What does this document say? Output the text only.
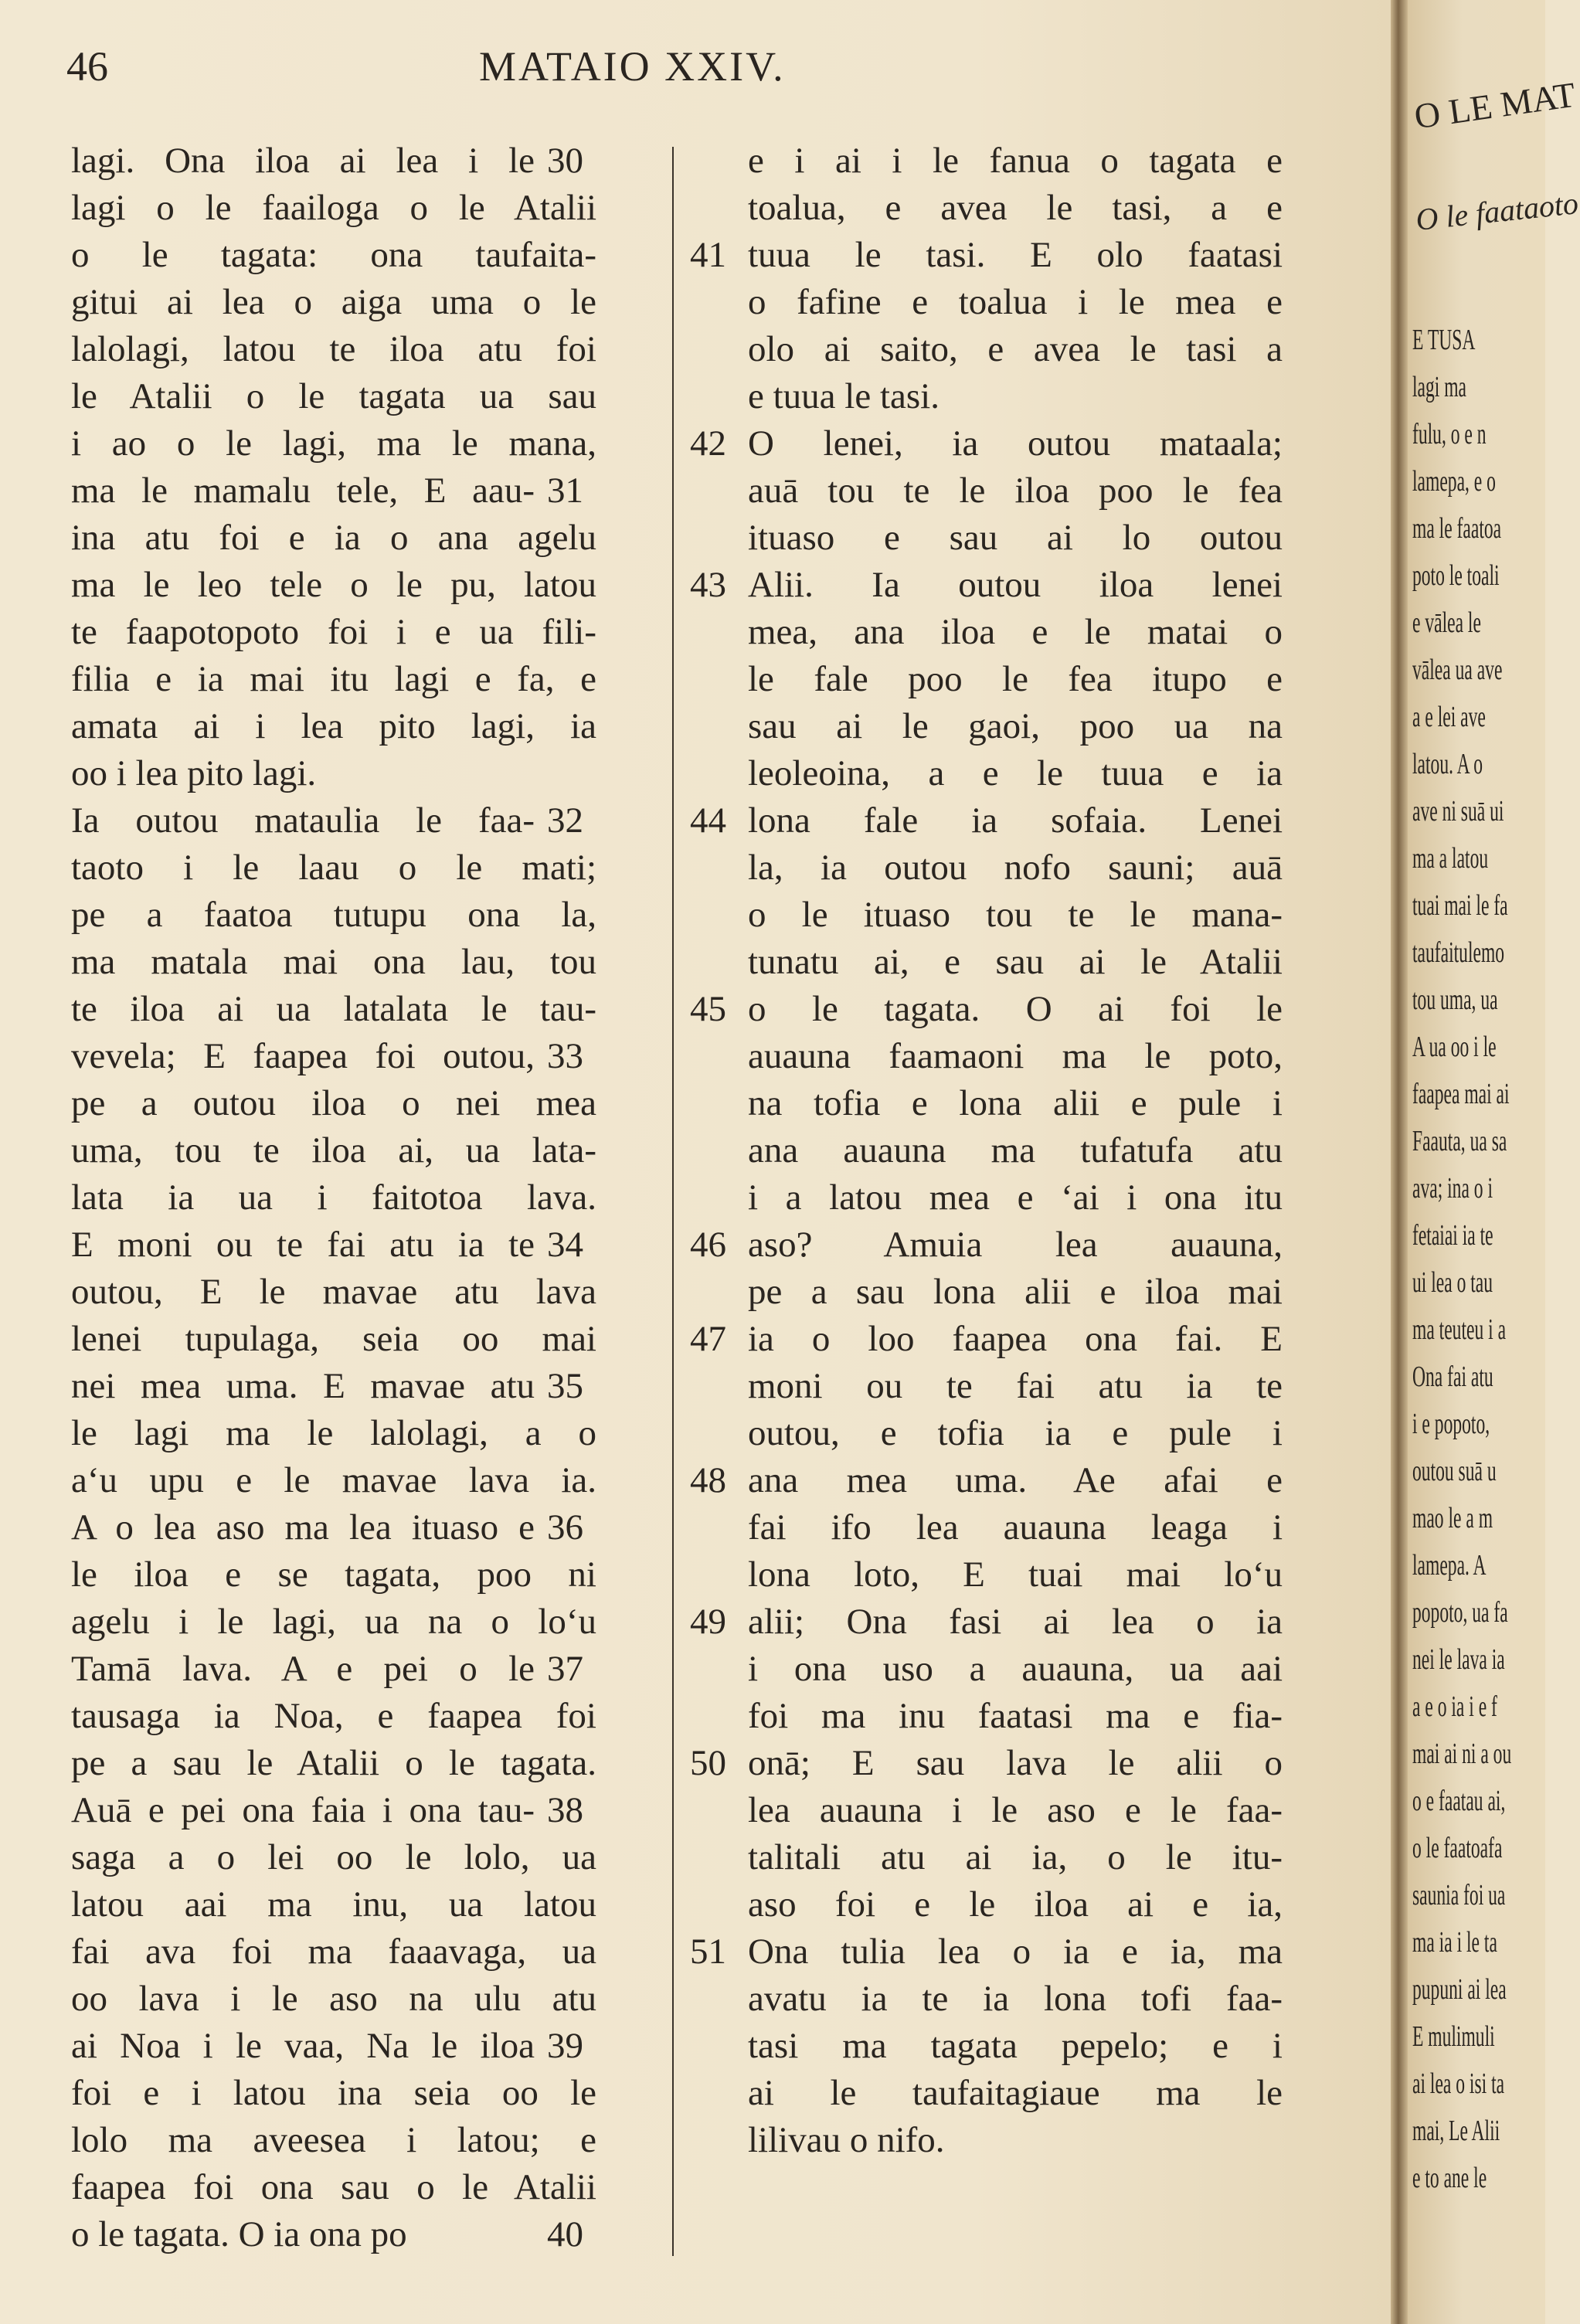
46	MATAIO XXIV.
lagi. Ona iloa ai lea i le
lagi o le faailoga o le Atalii
o le tagata: ona taufaita-
gitui ai lea o aiga uma o le
lalolagi, latou te iloa atu foi
le Atalii o le tagata ua sau
i ao o le lagi, ma le mana,
ma le mamalu tele, E aau-
ina atu foi e ia o ana agelu
ma le leo tele o le pu, latou
te faapotopoto foi i e ua fili-
filia e ia mai itu lagi e fa, e
amata ai i lea pito lagi, ia
oo i lea pito lagi.
Ia outou mataulia le faa-
taoto i le laau o le mati;
pe a faatoa tutupu ona la,
ma matala mai ona lau, tou
te iloa ai ua latalata le tau-
vevela; E faapea foi outou,
pe a outou iloa o nei mea
uma, tou te iloa ai, ua lata-
lata ia ua i faitotoa lava.
E moni ou te fai atu ia te
outou, E le mavae atu lava
lenei tupulaga, seia oo mai
nei mea uma. E mavae atu
le lagi ma le lalolagi, a o
aʻu upu e le mavae lava ia.
A o lea aso ma lea ituaso e
le iloa e se tagata, poo ni
agelu i le lagi, ua na o loʻu
Tamā lava. A e pei o le
tausaga ia Noa, e faapea foi
pe a sau le Atalii o le tagata.
Auā e pei ona faia i ona tau-
saga a o lei oo le lolo, ua
latou aai ma inu, ua latou
fai ava foi ma faaavaga, ua
oo lava i le aso na ulu atu
ai Noa i le vaa, Na le iloa
foi e i latou ina seia oo le
lolo ma aveesea i latou; e
faapea foi ona sau o le Atalii
o le tagata. O ia ona po
e i ai i le fanua o tagata e
toalua, e avea le tasi, a e
tuua le tasi. E olo faatasi
o fafine e toalua i le mea e
olo ai saito, e avea le tasi a
e tuua le tasi.
O lenei, ia outou mataala;
auā tou te le iloa poo le fea
ituaso e sau ai lo outou
Alii. Ia outou iloa lenei
mea, ana iloa e le matai o
le fale poo le fea itupo e
sau ai le gaoi, poo ua na
leoleoina, a e le tuua e ia
lona fale ia sofaia. Lenei
la, ia outou nofo sauni; auā
o le ituaso tou te le mana-
tunatu ai, e sau ai le Atalii
o le tagata. O ai foi le
auauna faamaoni ma le poto,
na tofia e lona alii e pule i
ana auauna ma tufatufa atu
i a latou mea e ʻai i ona itu
aso? Amuia lea auauna,
pe a sau lona alii e iloa mai
ia o loo faapea ona fai. E
moni ou te fai atu ia te
outou, e tofia ia e pule i
ana mea uma. Ae afai e
fai ifo lea auauna leaga i
lona loto, E tuai mai loʻu
alii; Ona fasi ai lea o ia
i ona uso a auauna, ua aai
foi ma inu faatasi ma e fia-
onā; E sau lava le alii o
lea auauna i le aso e le faa-
talitali atu ai ia, o le itu-
aso foi e le iloa ai e ia,
Ona tulia lea o ia e ia, ma
avatu ia te ia lona tofi faa-
tasi ma tagata pepelo; e i
ai le taufaitagiaue ma le
lilivau o nifo.
30
31
32
33
34
35
36
37
38
39
40
41
42
43
44
45
46
47
48
49
50
51
O LE MAT
O le faataoto
E TUSA
lagi ma
fulu, o e n
lamepa, e o
ma le faatoa
poto le toali
e vālea le
vālea ua ave
a e lei ave
latou. A o
ave ni suā ui
ma a latou
tuai mai le fa
taufaitulemo
tou uma, ua
A ua oo i le
faapea mai ai
Faauta, ua sa
ava; ina o i
fetaiai ia te
ui lea o tau
ma teuteu i a
Ona fai atu
i e popoto,
outou suā u
mao le a m
lamepa. A
popoto, ua fa
nei le lava ia
a e o ia i e f
mai ai ni a ou
o e faatau ai,
o le faatoafa
saunia foi ua
ma ia i le ta
pupuni ai lea
E mulimuli
ai lea o isi ta
mai, Le Alii
e to ane le
